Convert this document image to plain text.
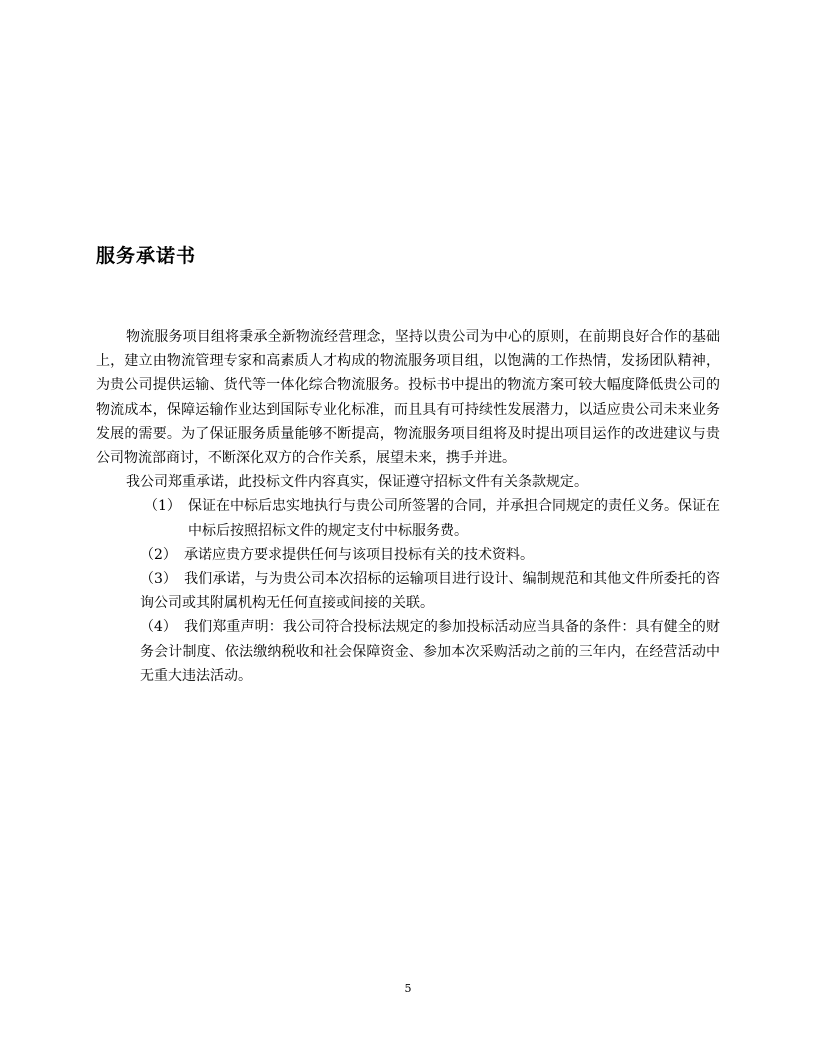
服务承诺书

物流服务项目组将秉承全新物流经营理念，坚持以贵公司为中心的原则，在前期良好合作的基础上，建立由物流管理专家和高素质人才构成的物流服务项目组，以饱满的工作热情，发扬团队精神，为贵公司提供运输、货代等一体化综合物流服务。投标书中提出的物流方案可较大幅度降低贵公司的物流成本，保障运输作业达到国际专业化标准，而且具有可持续性发展潜力，以适应贵公司未来业务发展的需要。为了保证服务质量能够不断提高，物流服务项目组将及时提出项目运作的改进建议与贵公司物流部商讨，不断深化双方的合作关系，展望未来，携手并进。

我公司郑重承诺，此投标文件内容真实，保证遵守招标文件有关条款规定。

（1） 保证在中标后忠实地执行与贵公司所签署的合同，并承担合同规定的责任义务。保证在中标后按照招标文件的规定支付中标服务费。

（2） 承诺应贵方要求提供任何与该项目投标有关的技术资料。

（3） 我们承诺，与为贵公司本次招标的运输项目进行设计、编制规范和其他文件所委托的咨询公司或其附属机构无任何直接或间接的关联。

（4） 我们郑重声明：我公司符合投标法规定的参加投标活动应当具备的条件：具有健全的财务会计制度、依法缴纳税收和社会保障资金、参加本次采购活动之前的三年内，在经营活动中无重大违法活动。

5
